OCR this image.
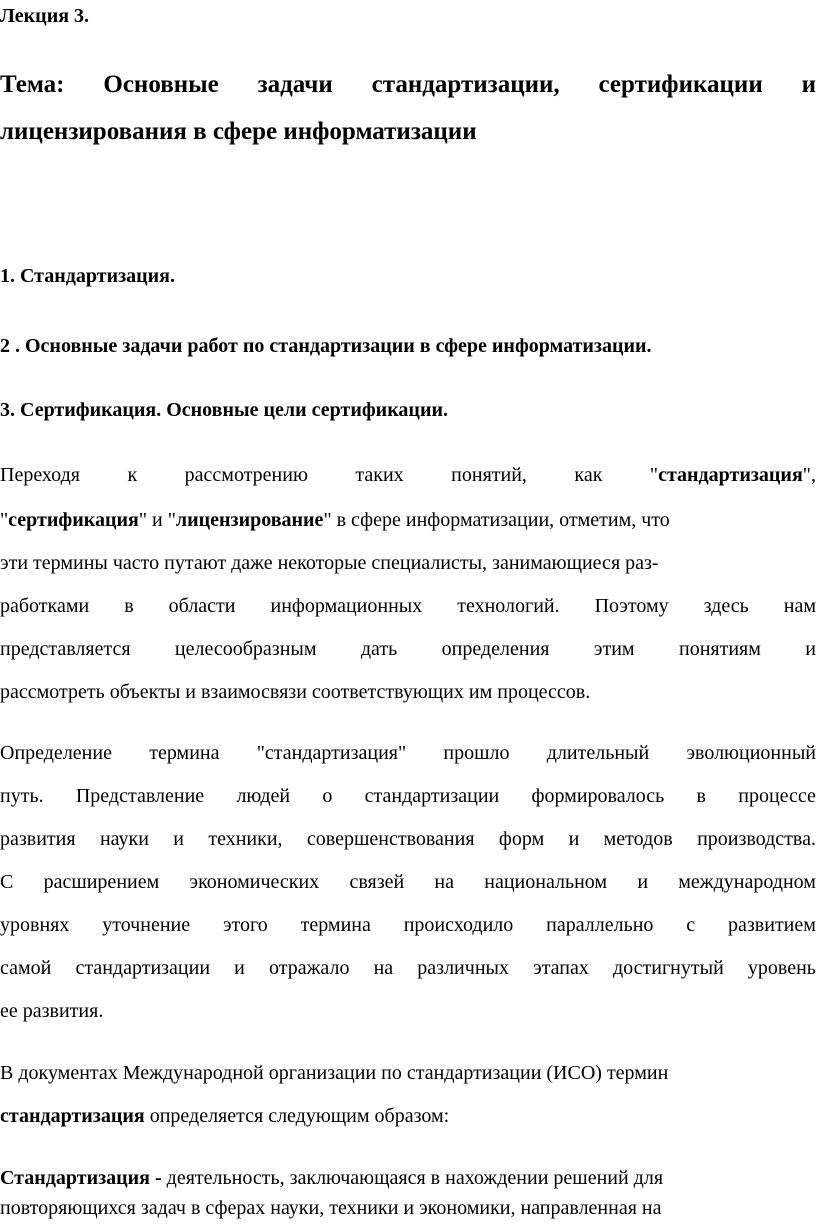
Лекция 3.
Тема: Основные задачи стандартизации, сертификации и
лицензирования в сфере информатизации
1. Стандартизация.
2 . Основные задачи работ по стандартизации в сфере информатизации.
3. Сертификация. Основные цели сертификации.
Переходя к рассмотрению таких понятий, как "стандартизация",
"сертификация" и "лицензирование" в сфере информатизации, отметим, что
эти термины часто путают даже некоторые специалисты, занимающиеся раз-
работками в области информационных технологий. Поэтому здесь нам
представляется целесообразным дать определения этим понятиям и
рассмотреть объекты и взаимосвязи соответствующих им процессов.
Определение термина "стандартизация" прошло длительный эволюционный
путь. Представление людей о стандартизации формировалось в процессе
развития науки и техники, совершенствования форм и методов производства.
С расширением экономических связей на национальном и международном
уровнях уточнение этого термина происходило параллельно с развитием
самой стандартизации и отражало на различных этапах достигнутый уровень
ее развития.
В документах Международной организации по стандартизации (ИСО) термин
стандартизация определяется следующим образом:
Стандартизация - деятельность, заключающаяся в нахождении решений для
повторяющихся задач в сферах науки, техники и экономики, направленная на
